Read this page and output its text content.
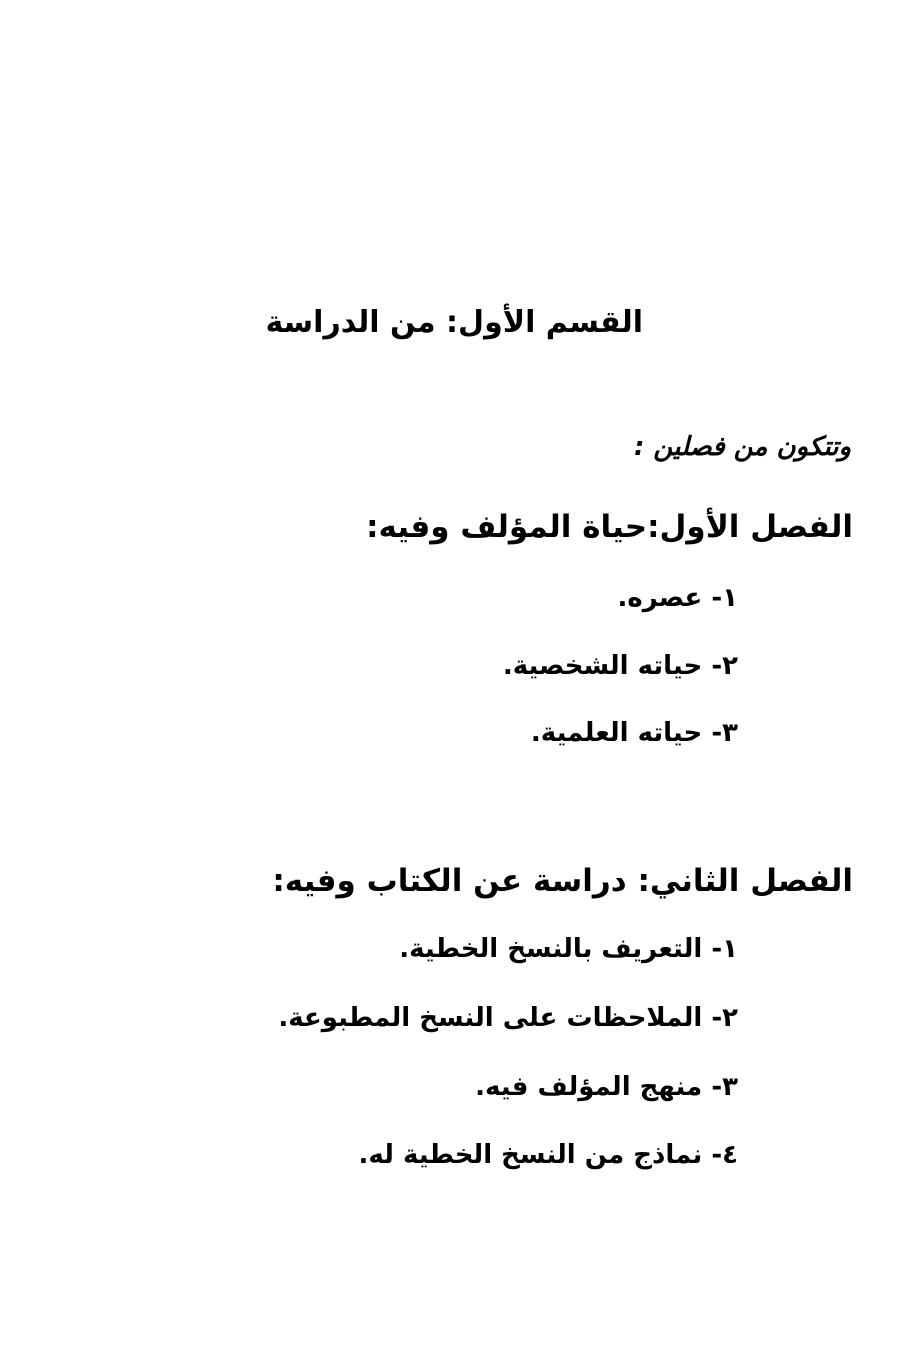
القسم الأول: من الدراسة
وتتكون من فصلين :
الفصل الأول:حياة المؤلف وفيه:
١- عصره.
٢- حياته الشخصية.
٣- حياته العلمية.
الفصل الثاني: دراسة عن الكتاب وفيه:
١- التعريف بالنسخ الخطية.
٢- الملاحظات على النسخ المطبوعة.
٣- منهج المؤلف فيه.
٤- نماذج من النسخ الخطية له.
